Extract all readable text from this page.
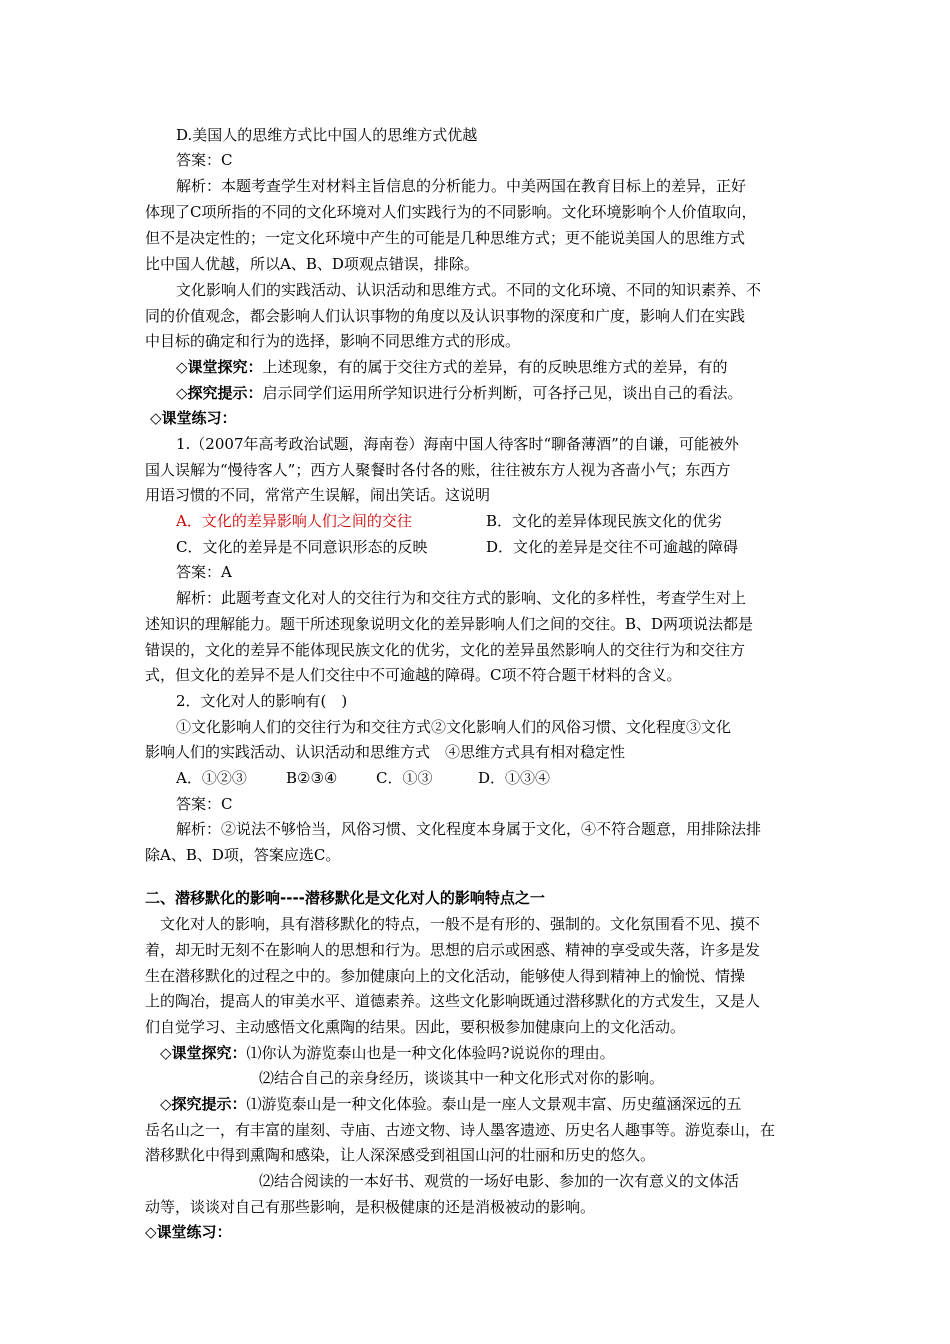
D.美国人的思维方式比中国人的思维方式优越
答案：C
解析：本题考查学生对材料主旨信息的分析能力。中美两国在教育目标上的差异，正好
体现了C项所指的不同的文化环境对人们实践行为的不同影响。文化环境影响个人价值取向，
但不是决定性的；一定文化环境中产生的可能是几种思维方式；更不能说美国人的思维方式
比中国人优越，所以A、B、D项观点错误，排除。
文化影响人们的实践活动、认识活动和思维方式。不同的文化环境、不同的知识素养、不
同的价值观念，都会影响人们认识事物的角度以及认识事物的深度和广度，影响人们在实践
中目标的确定和行为的选择，影响不同思维方式的形成。
◇课堂探究：上述现象，有的属于交往方式的差异，有的反映思维方式的差异，有的
◇探究提示：启示同学们运用所学知识进行分析判断，可各抒己见，谈出自己的看法。
◇课堂练习：
1.（2007年高考政治试题，海南卷）海南中国人待客时“聊备薄酒”的自谦，可能被外
国人误解为“慢待客人”；西方人聚餐时各付各的账，往往被东方人视为吝啬小气；东西方
用语习惯的不同，常常产生误解，闹出笑话。这说明
A．文化的差异影响人们之间的交往	B．文化的差异体现民族文化的优劣
C．文化的差异是不同意识形态的反映	D．文化的差异是交往不可逾越的障碍
答案：A
解析：此题考查文化对人的交往行为和交往方式的影响、文化的多样性，考查学生对上
述知识的理解能力。题干所述现象说明文化的差异影响人们之间的交往。B、D两项说法都是
错误的，文化的差异不能体现民族文化的优劣，文化的差异虽然影响人的交往行为和交往方
式，但文化的差异不是人们交往中不可逾越的障碍。C项不符合题干材料的含义。
2．文化对人的影响有(　)
①文化影响人们的交往行为和交往方式②文化影响人们的风俗习惯、文化程度③文化
影响人们的实践活动、认识活动和思维方式　④思维方式具有相对稳定性
A．①②③	B②③④	C．①③	D．①③④
答案：C
解析：②说法不够恰当，风俗习惯、文化程度本身属于文化，④不符合题意，用排除法排
除A、B、D项，答案应选C。
二、潜移默化的影响----潜移默化是文化对人的影响特点之一
文化对人的影响，具有潜移默化的特点，一般不是有形的、强制的。文化氛围看不见、摸不
着，却无时无刻不在影响人的思想和行为。思想的启示或困惑、精神的享受或失落，许多是发
生在潜移默化的过程之中的。参加健康向上的文化活动，能够使人得到精神上的愉悦、情操
上的陶冶，提高人的审美水平、道德素养。这些文化影响既通过潜移默化的方式发生，又是人
们自觉学习、主动感悟文化熏陶的结果。因此，要积极参加健康向上的文化活动。
◇课堂探究：⑴你认为游览泰山也是一种文化体验吗?说说你的理由。
⑵结合自己的亲身经历，谈谈其中一种文化形式对你的影响。
◇探究提示：⑴游览泰山是一种文化体验。泰山是一座人文景观丰富、历史蕴涵深远的五
岳名山之一，有丰富的崖刻、寺庙、古迹文物、诗人墨客遗迹、历史名人趣事等。游览泰山，在
潜移默化中得到熏陶和感染，让人深深感受到祖国山河的壮丽和历史的悠久。
⑵结合阅读的一本好书、观赏的一场好电影、参加的一次有意义的文体活
动等，谈谈对自己有那些影响，是积极健康的还是消极被动的影响。
◇课堂练习：
